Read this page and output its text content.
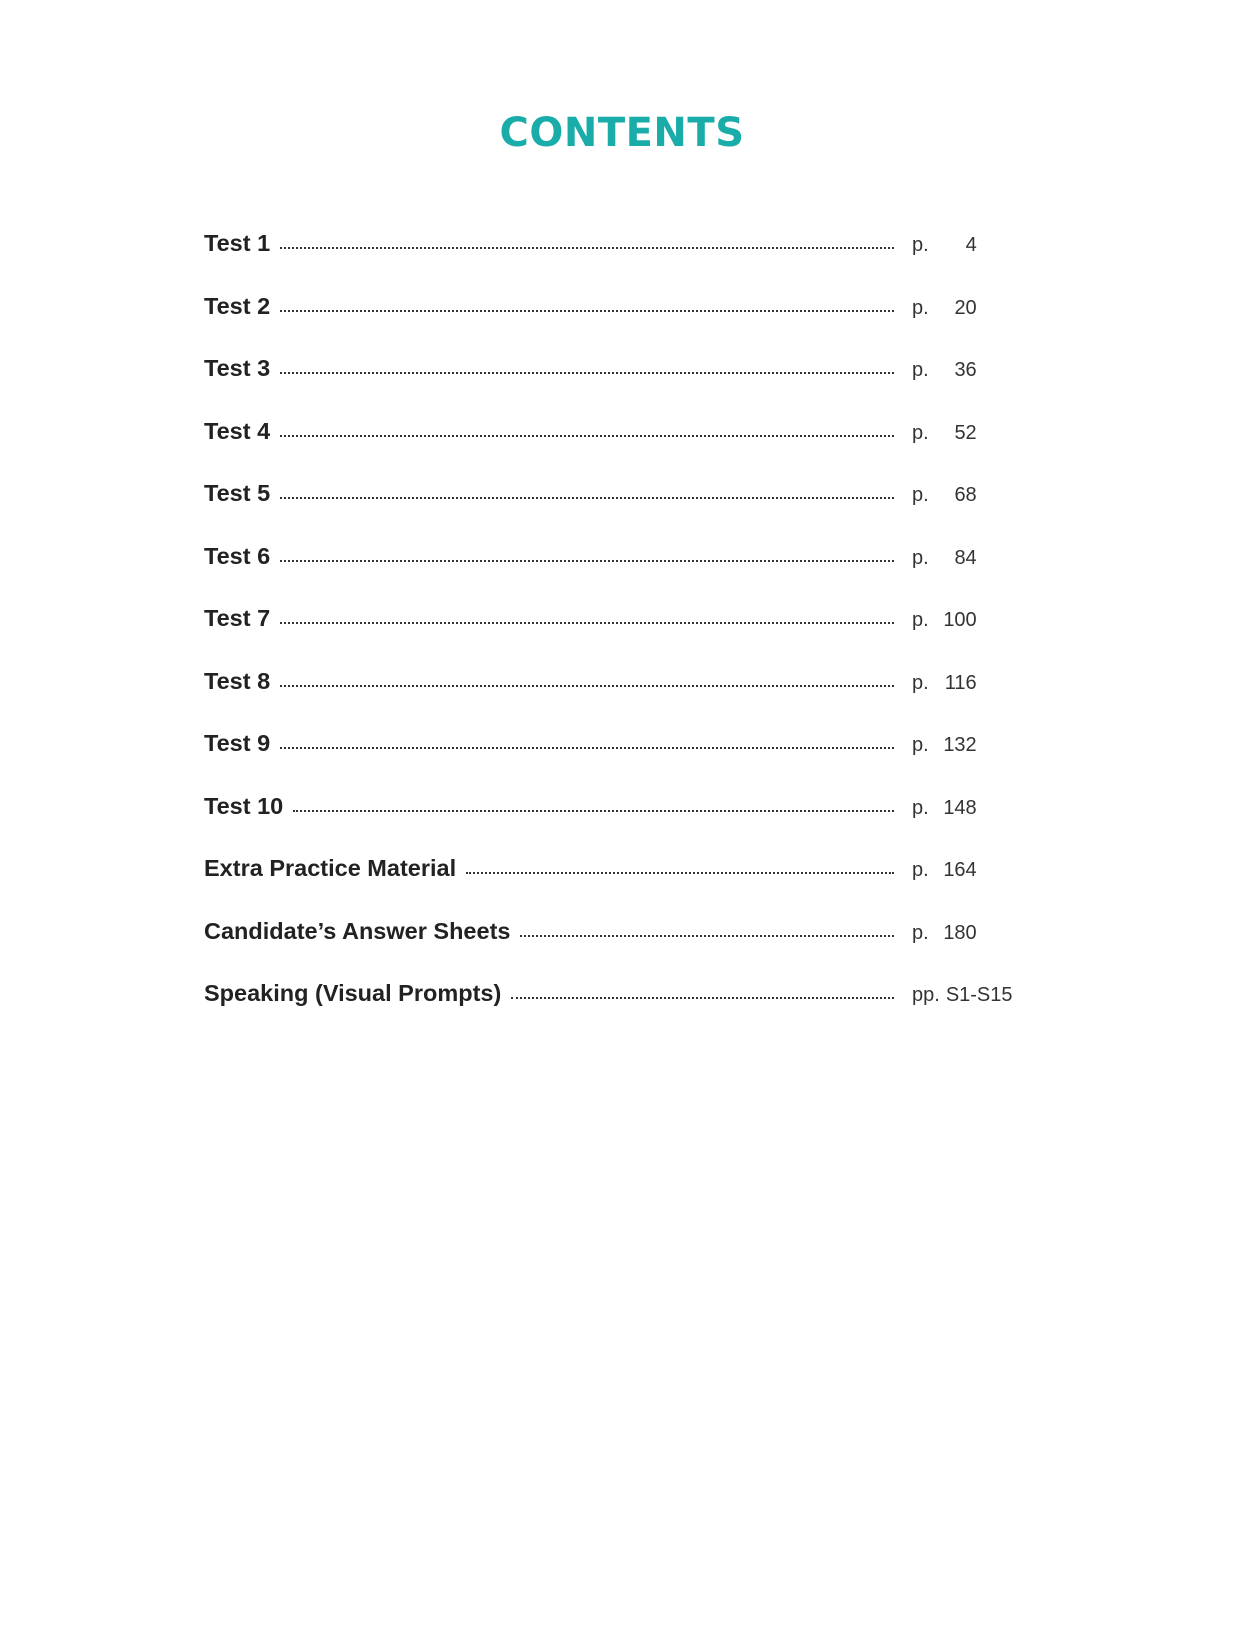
CONTENTS
Test 1	p.	4
Test 2	p.	20
Test 3	p.	36
Test 4	p.	52
Test 5	p.	68
Test 6	p.	84
Test 7	p. 100
Test 8	p. 116
Test 9	p. 132
Test 10	p. 148
Extra Practice Material	p. 164
Candidate’s Answer Sheets	p. 180
Speaking (Visual Prompts)	pp. S1-S15
